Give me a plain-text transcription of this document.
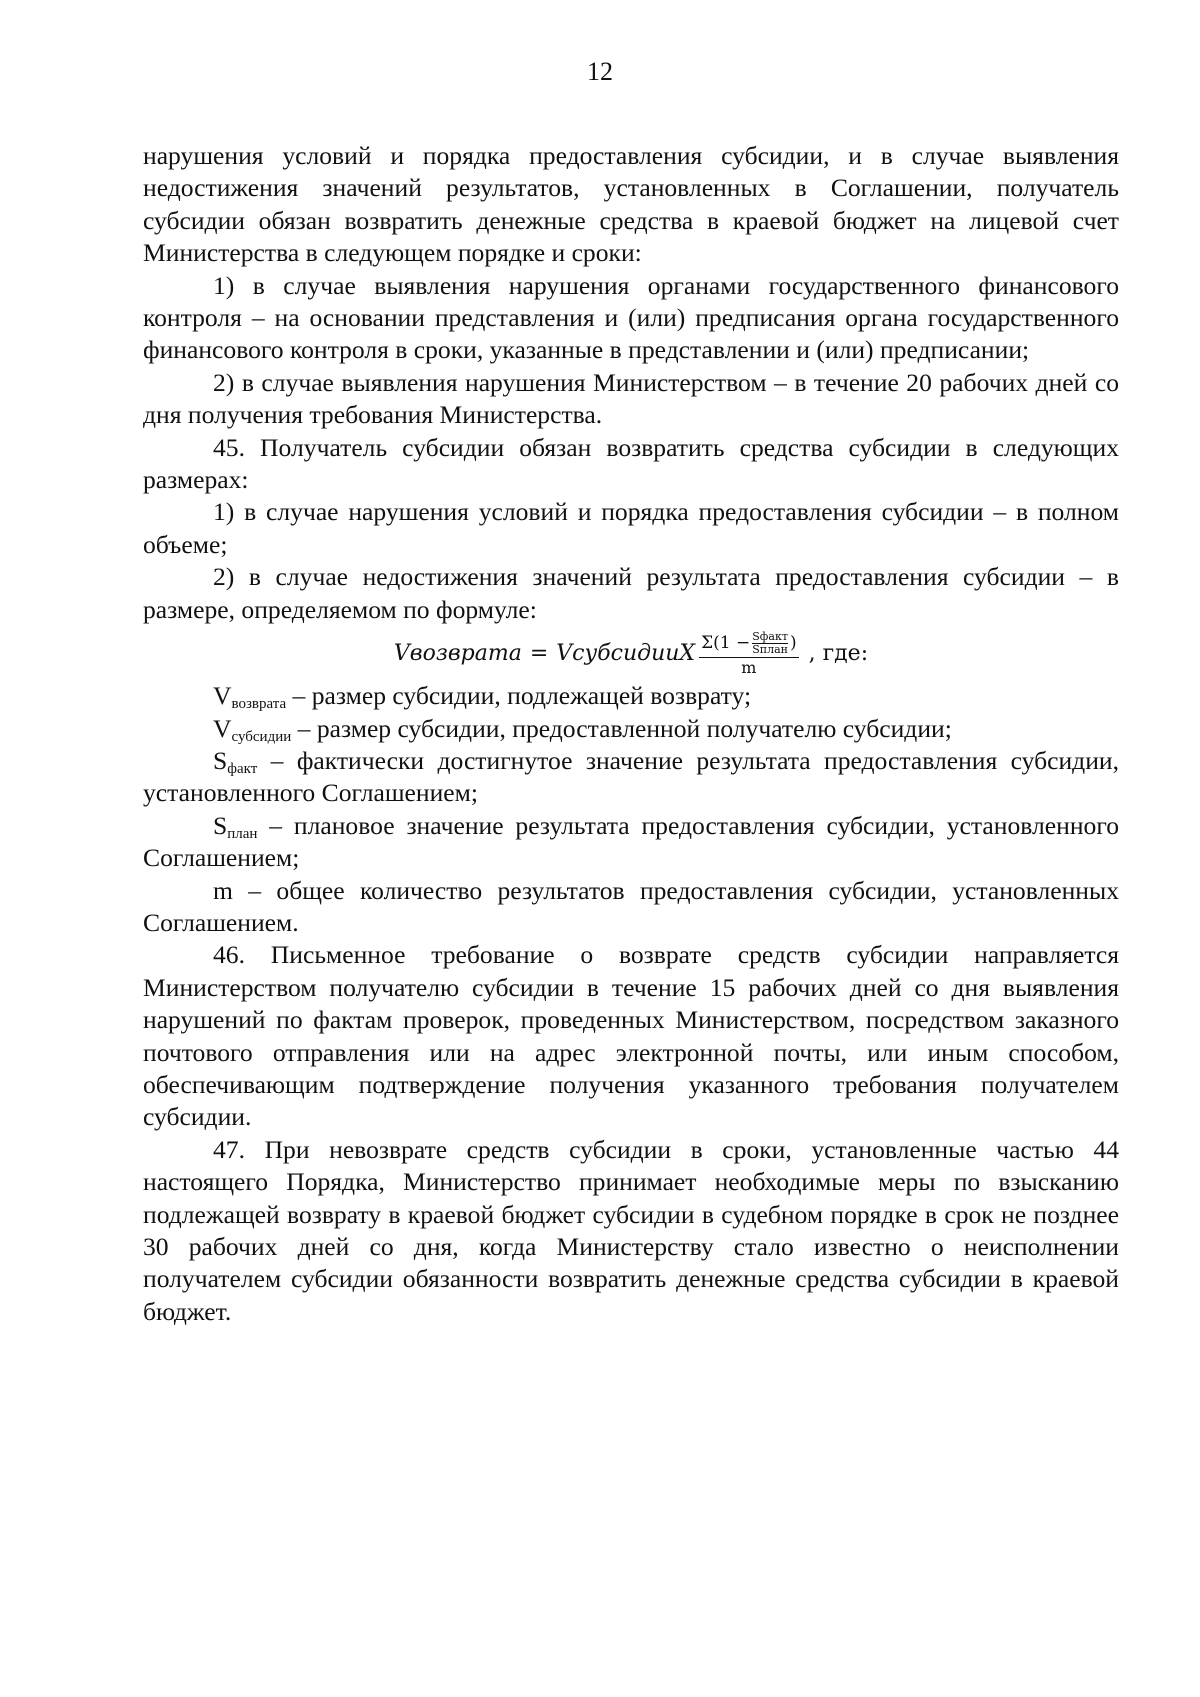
12

нарушения условий и порядка предоставления субсидии, и в случае выявления недостижения значений результатов, установленных в Соглашении, получатель субсидии обязан возвратить денежные средства в краевой бюджет на лицевой счет Министерства в следующем порядке и сроки:

1) в случае выявления нарушения органами государственного финансового контроля – на основании представления и (или) предписания органа государственного финансового контроля в сроки, указанные в представлении и (или) предписании;

2) в случае выявления нарушения Министерством – в течение 20 рабочих дней со дня получения требования Министерства.

45. Получатель субсидии обязан возвратить средства субсидии в следующих размерах:

1) в случае нарушения условий и порядка предоставления субсидии – в полном объеме;

2) в случае недостижения значений результата предоставления субсидии – в размере, определяемом по формуле:

Vвозврата = VсубсидииX $\Sigma(1 - \frac{\text{Sфакт}}{\text{Sплан}}$ )
m
, где:

$V_{возврата}$ – размер субсидии, подлежащей возврату;

$V_{субсидии}$ – размер субсидии, предоставленной получателю субсидии;

$S_{факт}$ – фактически достигнутое значение результата предоставления субсидии, установленного Соглашением;

$S_{план}$ – плановое значение результата предоставления субсидии, установленного Соглашением;

m – общее количество результатов предоставления субсидии, установленных Соглашением.

46. Письменное требование о возврате средств субсидии направляется Министерством получателю субсидии в течение 15 рабочих дней со дня выявления нарушений по фактам проверок, проведенных Министерством, посредством заказного почтового отправления или на адрес электронной почты, или иным способом, обеспечивающим подтверждение получения указанного требования получателем субсидии.

47. При невозврате средств субсидии в сроки, установленные частью 44 настоящего Порядка, Министерство принимает необходимые меры по взысканию подлежащей возврату в краевой бюджет субсидии в судебном порядке в срок не позднее 30 рабочих дней со дня, когда Министерству стало известно о неисполнении получателем субсидии обязанности возвратить денежные средства субсидии в краевой бюджет.
